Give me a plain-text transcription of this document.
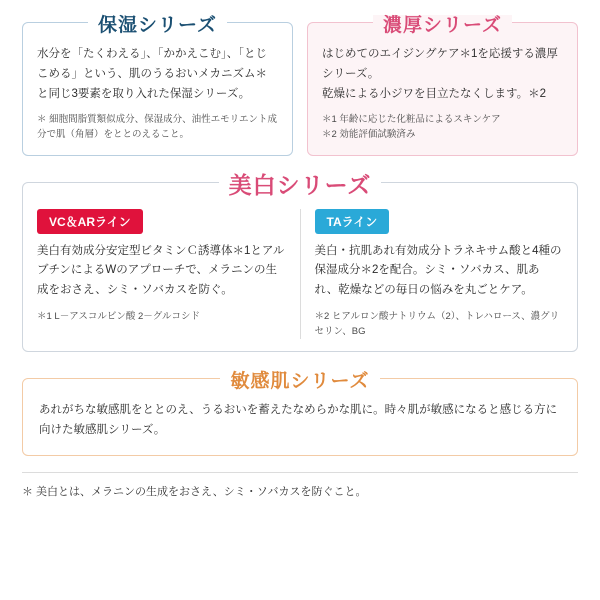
保湿シリーズ
水分を「たくわえる」、「かかえこむ」、「とじこめる」という、肌のうるおいメカニズム＊と同じ3要素を取り入れた保湿シリーズ。
＊ 細胞間脂質類似成分、保湿成分、油性エモリエント成分で肌（角層）をととのえること。
濃厚シリーズ
はじめてのエイジングケア＊1を応援する濃厚シリーズ。
乾燥による小ジワを目立たなくします。＊2
＊1 年齢に応じた化粧品によるスキンケア
＊2 効能評価試験済み
美白シリーズ
VC＆ARライン
美白有効成分安定型ビタミンＣ誘導体＊1とアルブチンによるWのアプローチで、メラニンの生成をおさえ、シミ・ソバカスを防ぐ。
＊1 L－アスコルビン酸 2－グルコシド
TAライン
美白・抗肌あれ有効成分トラネキサム酸と4種の保湿成分＊2を配合。シミ・ソバカス、肌あれ、乾燥などの毎日の悩みを丸ごとケア。
＊2 ヒアルロン酸ナトリウム（2）、トレハロース、濃グリセリン、BG
敏感肌シリーズ
あれがちな敏感肌をととのえ、うるおいを蓄えたなめらかな肌に。時々肌が敏感になると感じる方に向けた敏感肌シリーズ。
＊ 美白とは、メラニンの生成をおさえ、シミ・ソバカスを防ぐこと。
